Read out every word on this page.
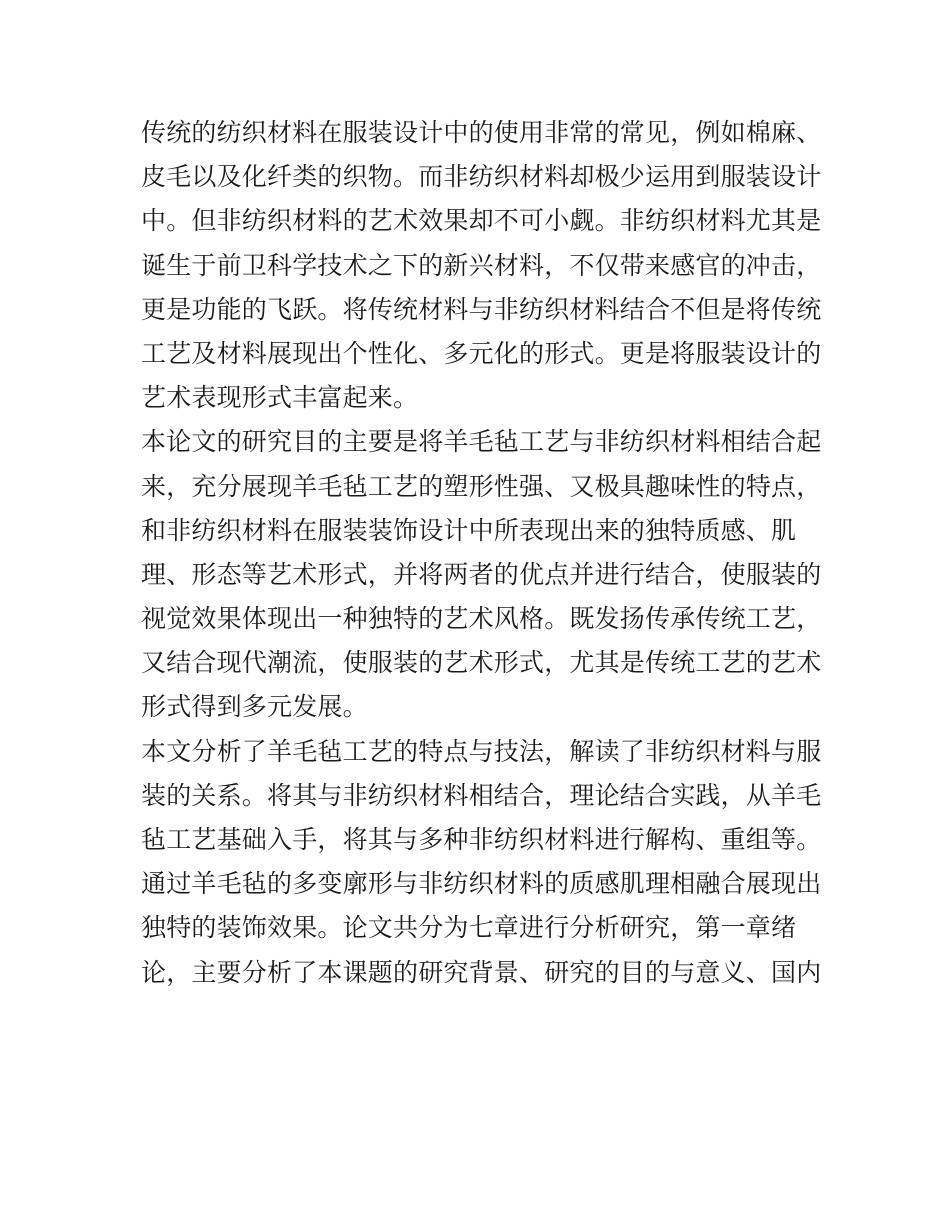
传统的纺织材料在服装设计中的使用非常的常见，例如棉麻、
皮毛以及化纤类的织物。而非纺织材料却极少运用到服装设计
中。但非纺织材料的艺术效果却不可小觑。非纺织材料尤其是
诞生于前卫科学技术之下的新兴材料，不仅带来感官的冲击，
更是功能的飞跃。将传统材料与非纺织材料结合不但是将传统
工艺及材料展现出个性化、多元化的形式。更是将服装设计的
艺术表现形式丰富起来。
本论文的研究目的主要是将羊毛毡工艺与非纺织材料相结合起
来，充分展现羊毛毡工艺的塑形性强、又极具趣味性的特点，
和非纺织材料在服装装饰设计中所表现出来的独特质感、肌
理、形态等艺术形式，并将两者的优点并进行结合，使服装的
视觉效果体现出一种独特的艺术风格。既发扬传承传统工艺，
又结合现代潮流，使服装的艺术形式，尤其是传统工艺的艺术
形式得到多元发展。
本文分析了羊毛毡工艺的特点与技法，解读了非纺织材料与服
装的关系。将其与非纺织材料相结合，理论结合实践，从羊毛
毡工艺基础入手，将其与多种非纺织材料进行解构、重组等。
通过羊毛毡的多变廓形与非纺织材料的质感肌理相融合展现出
独特的装饰效果。论文共分为七章进行分析研究，第一章绪
论，主要分析了本课题的研究背景、研究的目的与意义、国内
